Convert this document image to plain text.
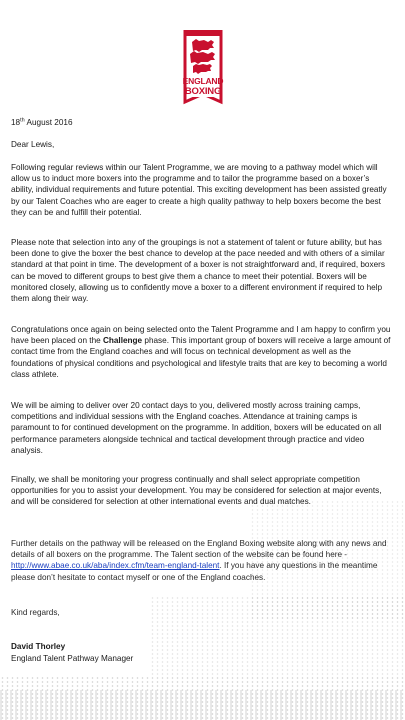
ENGLAND
BOXING
18th August 2016
Dear Lewis,

Following regular reviews within our Talent Programme, we are moving to a pathway model which will allow us to induct more boxers into the programme and to tailor the programme based on a boxer’s ability, individual requirements and future potential. This exciting development has been assisted greatly by our Talent Coaches who are eager to create a high quality pathway to help boxers become the best they can be and fulfill their potential.

Please note that selection into any of the groupings is not a statement of talent or future ability, but has been done to give the boxer the best chance to develop at the pace needed and with others of a similar standard at that point in time. The development of a boxer is not straightforward and, if required, boxers can be moved to different groups to best give them a chance to meet their potential. Boxers will be monitored closely, allowing us to confidently move a boxer to a different environment if required to help them along their way.

Congratulations once again on being selected onto the Talent Programme and I am happy to confirm you have been placed on the Challenge phase. This important group of boxers will receive a large amount of contact time from the England coaches and will focus on technical development as well as the foundations of physical conditions and psychological and lifestyle traits that are key to becoming a world class athlete.

We will be aiming to deliver over 20 contact days to you, delivered mostly across training camps, competitions and individual sessions with the England coaches. Attendance at training camps is paramount to for continued development on the programme. In addition, boxers will be educated on all performance parameters alongside technical and tactical development through practice and video analysis.

Finally, we shall be monitoring your progress continually and shall select appropriate competition opportunities for you to assist your development. You may be considered for selection at major events, and will be considered for selection at other international events and dual matches.

Further details on the pathway will be released on the England Boxing website along with any news and details of all boxers on the programme. The Talent section of the website can be found here - http://www.abae.co.uk/aba/index.cfm/team-england-talent. If you have any questions in the meantime please don’t hesitate to contact myself or one of the England coaches.

Kind regards,
David Thorley
England Talent Pathway Manager
